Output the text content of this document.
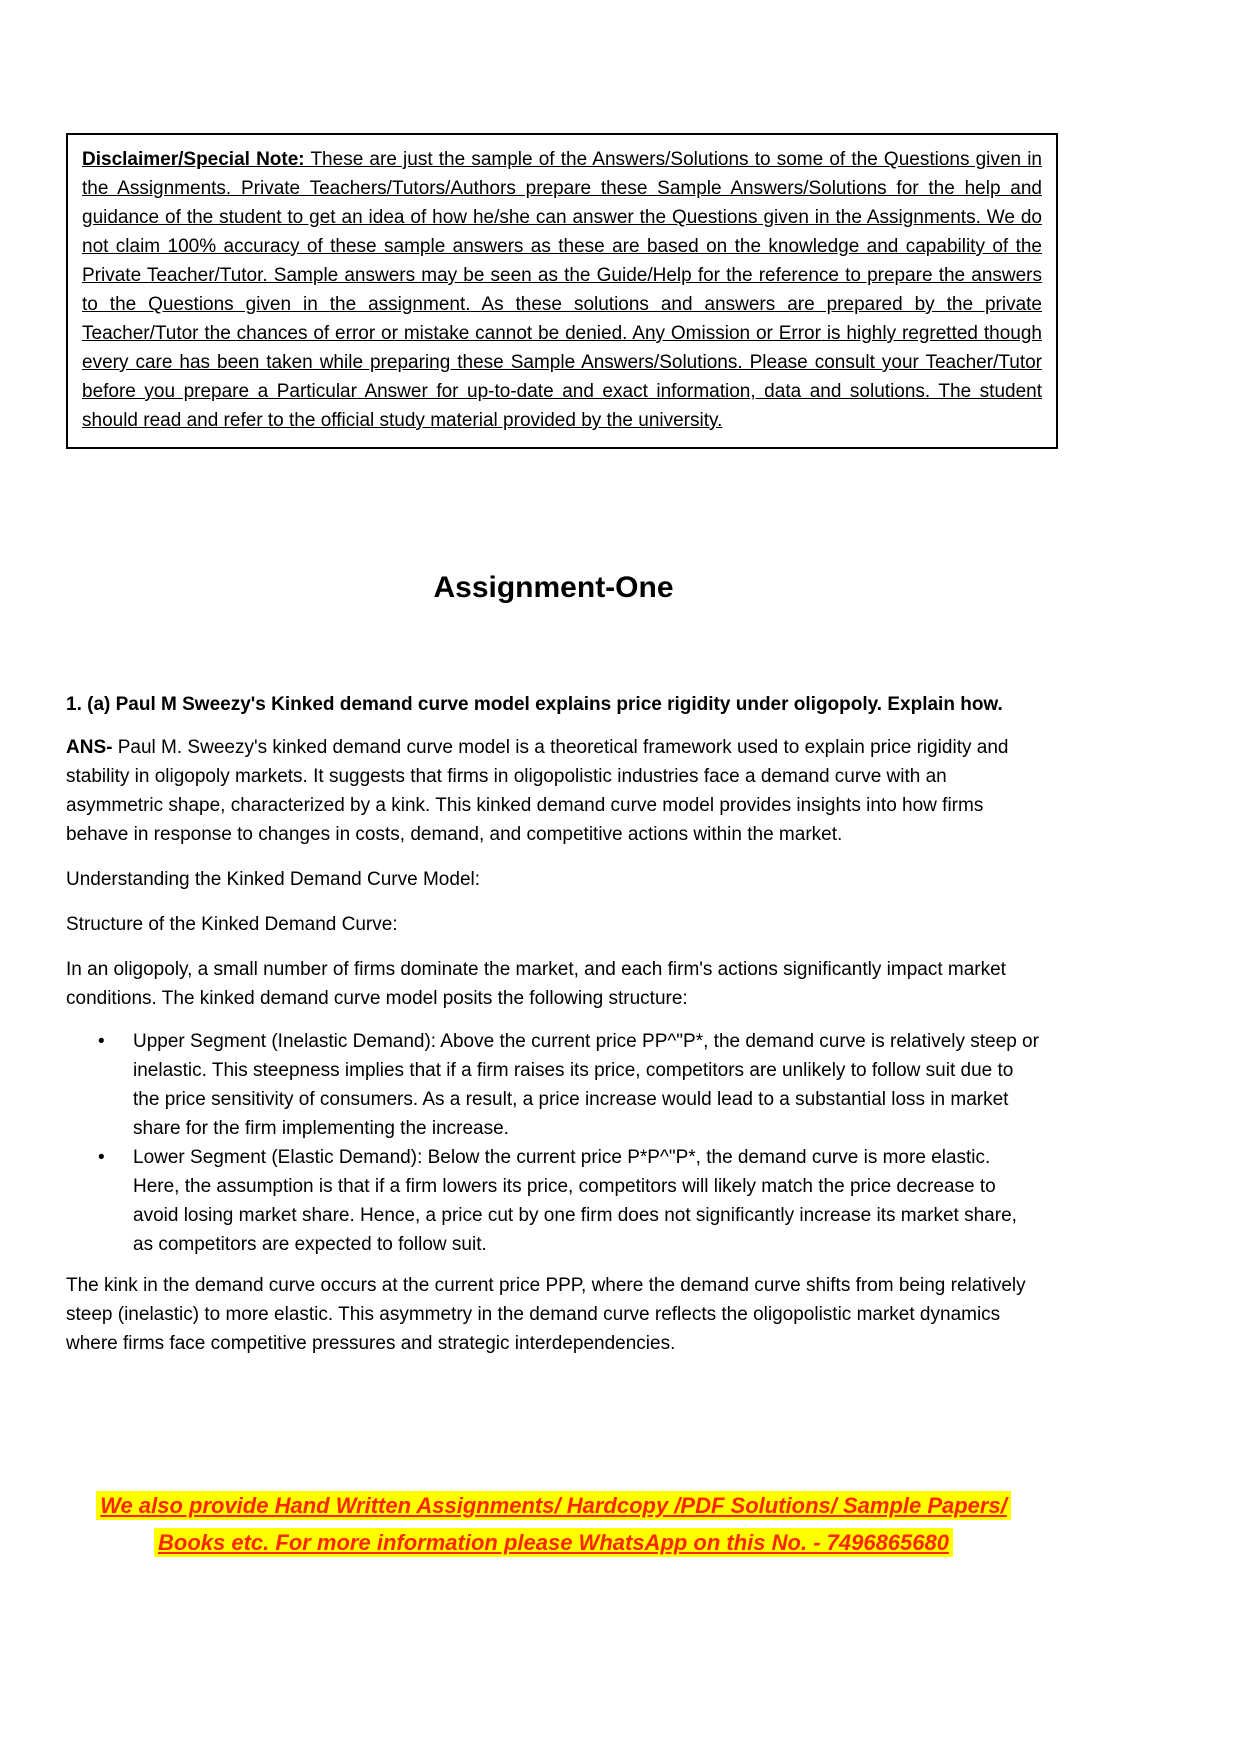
Disclaimer/Special Note: These are just the sample of the Answers/Solutions to some of the Questions given in the Assignments. Private Teachers/Tutors/Authors prepare these Sample Answers/Solutions for the help and guidance of the student to get an idea of how he/she can answer the Questions given in the Assignments. We do not claim 100% accuracy of these sample answers as these are based on the knowledge and capability of the Private Teacher/Tutor. Sample answers may be seen as the Guide/Help for the reference to prepare the answers to the Questions given in the assignment. As these solutions and answers are prepared by the private Teacher/Tutor the chances of error or mistake cannot be denied. Any Omission or Error is highly regretted though every care has been taken while preparing these Sample Answers/Solutions. Please consult your Teacher/Tutor before you prepare a Particular Answer for up-to-date and exact information, data and solutions. The student should read and refer to the official study material provided by the university.

Assignment-One

1. (a) Paul M Sweezy's Kinked demand curve model explains price rigidity under oligopoly. Explain how.

ANS- Paul M. Sweezy's kinked demand curve model is a theoretical framework used to explain price rigidity and stability in oligopoly markets. It suggests that firms in oligopolistic industries face a demand curve with an asymmetric shape, characterized by a kink. This kinked demand curve model provides insights into how firms behave in response to changes in costs, demand, and competitive actions within the market.

Understanding the Kinked Demand Curve Model:

Structure of the Kinked Demand Curve:

In an oligopoly, a small number of firms dominate the market, and each firm's actions significantly impact market conditions. The kinked demand curve model posits the following structure:

• Upper Segment (Inelastic Demand): Above the current price PP^"P*, the demand curve is relatively steep or inelastic. This steepness implies that if a firm raises its price, competitors are unlikely to follow suit due to the price sensitivity of consumers. As a result, a price increase would lead to a substantial loss in market share for the firm implementing the increase.
• Lower Segment (Elastic Demand): Below the current price P*P^"P*, the demand curve is more elastic. Here, the assumption is that if a firm lowers its price, competitors will likely match the price decrease to avoid losing market share. Hence, a price cut by one firm does not significantly increase its market share, as competitors are expected to follow suit.

The kink in the demand curve occurs at the current price PPP, where the demand curve shifts from being relatively steep (inelastic) to more elastic. This asymmetry in the demand curve reflects the oligopolistic market dynamics where firms face competitive pressures and strategic interdependencies.

We also provide Hand Written Assignments/ Hardcopy /PDF Solutions/ Sample Papers/
Books etc. For more information please WhatsApp on this No. - 7496865680
